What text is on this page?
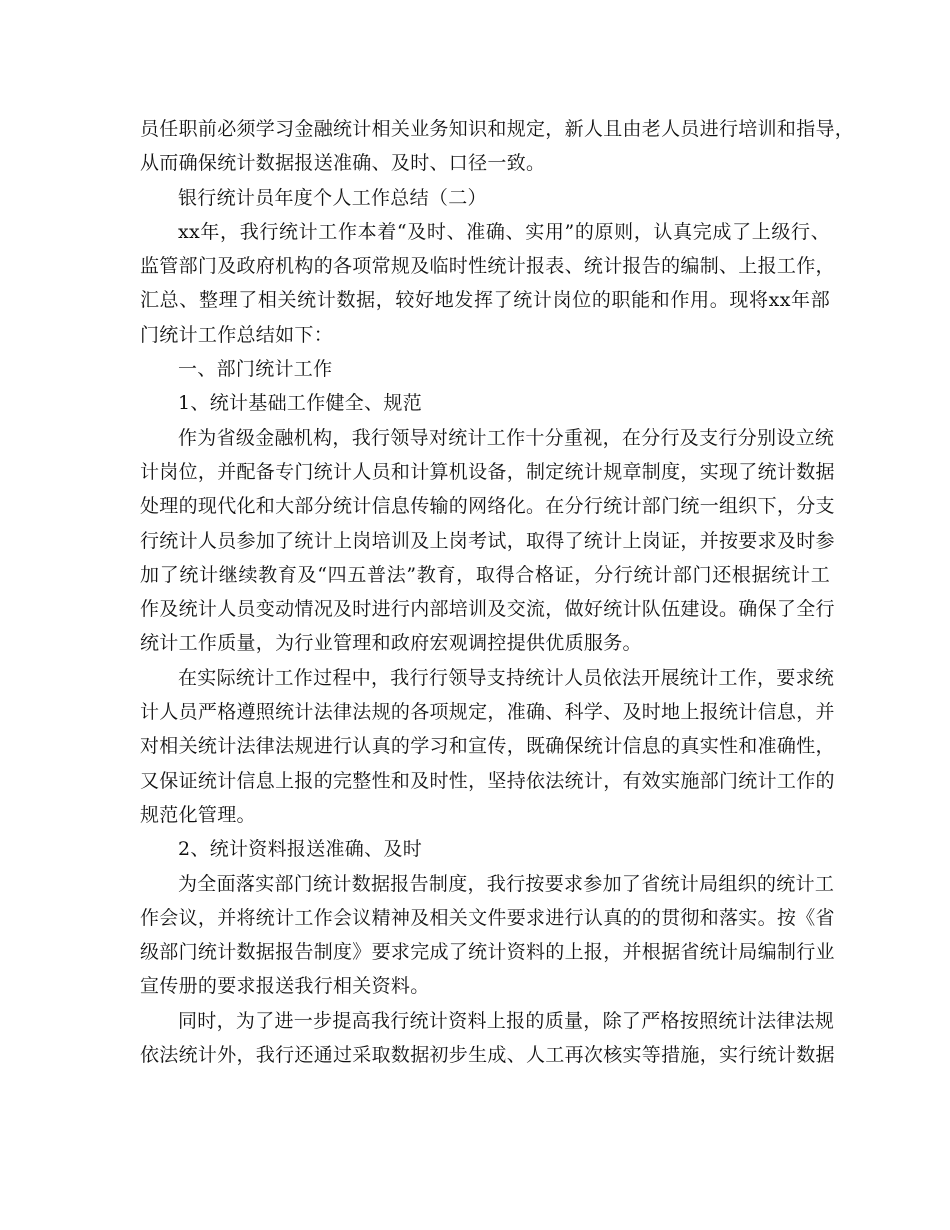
员任职前必须学习金融统计相关业务知识和规定，新人且由老人员进行培训和指导，
从而确保统计数据报送准确、及时、口径一致。
银行统计员年度个人工作总结（二）
xx年，我行统计工作本着“及时、准确、实用”的原则，认真完成了上级行、
监管部门及政府机构的各项常规及临时性统计报表、统计报告的编制、上报工作，
汇总、整理了相关统计数据，较好地发挥了统计岗位的职能和作用。现将xx年部
门统计工作总结如下：
一、部门统计工作
1、统计基础工作健全、规范
作为省级金融机构，我行领导对统计工作十分重视，在分行及支行分别设立统
计岗位，并配备专门统计人员和计算机设备，制定统计规章制度，实现了统计数据
处理的现代化和大部分统计信息传输的网络化。在分行统计部门统一组织下，分支
行统计人员参加了统计上岗培训及上岗考试，取得了统计上岗证，并按要求及时参
加了统计继续教育及“四五普法”教育，取得合格证，分行统计部门还根据统计工
作及统计人员变动情况及时进行内部培训及交流，做好统计队伍建设。确保了全行
统计工作质量，为行业管理和政府宏观调控提供优质服务。
在实际统计工作过程中，我行行领导支持统计人员依法开展统计工作，要求统
计人员严格遵照统计法律法规的各项规定，准确、科学、及时地上报统计信息，并
对相关统计法律法规进行认真的学习和宣传，既确保统计信息的真实性和准确性，
又保证统计信息上报的完整性和及时性，坚持依法统计，有效实施部门统计工作的
规范化管理。
2、统计资料报送准确、及时
为全面落实部门统计数据报告制度，我行按要求参加了省统计局组织的统计工
作会议，并将统计工作会议精神及相关文件要求进行认真的的贯彻和落实。按《省
级部门统计数据报告制度》要求完成了统计资料的上报，并根据省统计局编制行业
宣传册的要求报送我行相关资料。
同时，为了进一步提高我行统计资料上报的质量，除了严格按照统计法律法规
依法统计外，我行还通过采取数据初步生成、人工再次核实等措施，实行统计数据
